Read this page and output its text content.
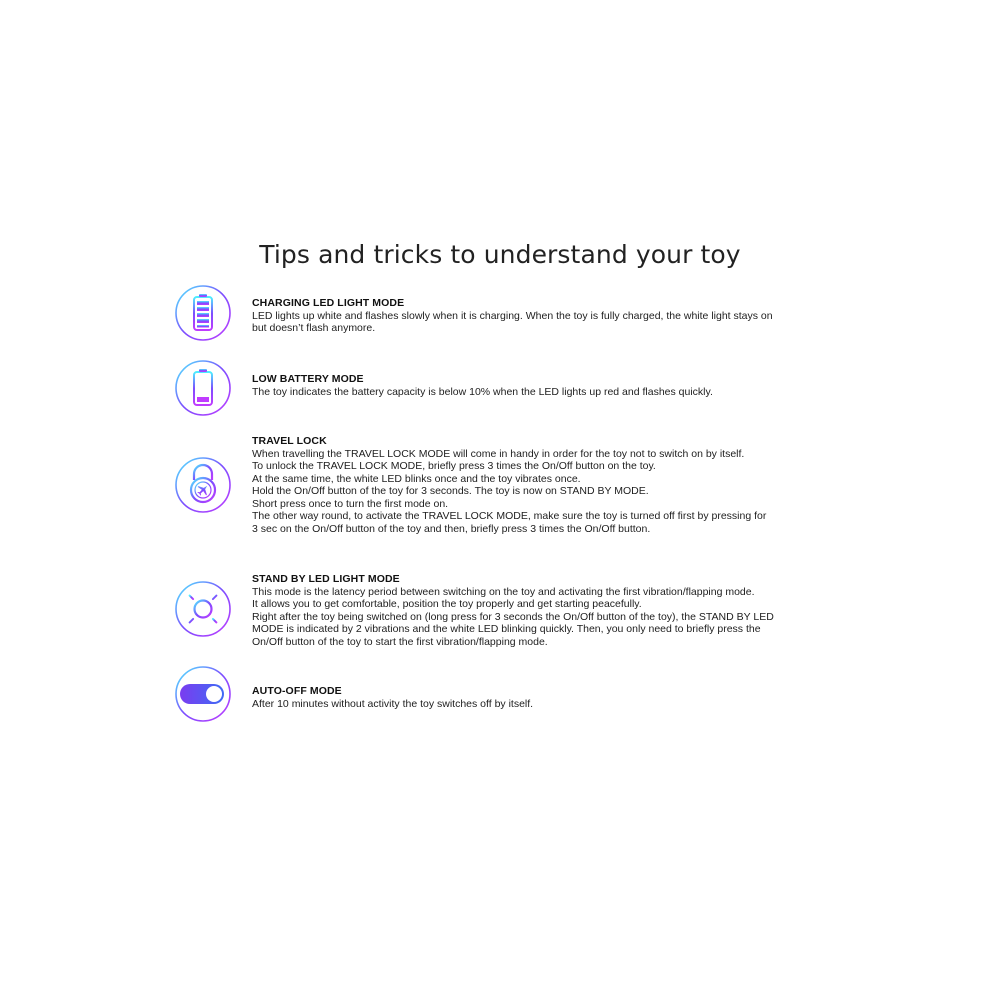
Tips and tricks to understand your toy
CHARGING LED LIGHT MODE
LED lights up white and flashes slowly when it is charging. When the toy is fully charged, the white light stays on
but doesn’t flash anymore.
LOW BATTERY MODE
The toy indicates the battery capacity is below 10% when the LED lights up red and flashes quickly.
TRAVEL LOCK
When travelling the TRAVEL LOCK MODE will come in handy in order for the toy not to switch on by itself.
To unlock the TRAVEL LOCK MODE, briefly press 3 times the On/Off button on the toy.
At the same time, the white LED blinks once and the toy vibrates once.
Hold the On/Off button of the toy for 3 seconds. The toy is now on STAND BY MODE.
Short press once to turn the first mode on.
The other way round, to activate the TRAVEL LOCK MODE, make sure the toy is turned off first by pressing for
3 sec on the On/Off button of the toy and then, briefly press 3 times the On/Off button.
STAND BY LED LIGHT MODE
This mode is the latency period between switching on the toy and activating the first vibration/flapping mode.
It allows you to get comfortable, position the toy properly and get starting peacefully.
Right after the toy being switched on (long press for 3 seconds the On/Off button of the toy), the STAND BY LED
MODE is indicated by 2 vibrations and the white LED blinking quickly. Then, you only need to briefly press the
On/Off button of the toy to start the first vibration/flapping mode.
AUTO-OFF MODE
After 10 minutes without activity the toy switches off by itself.
